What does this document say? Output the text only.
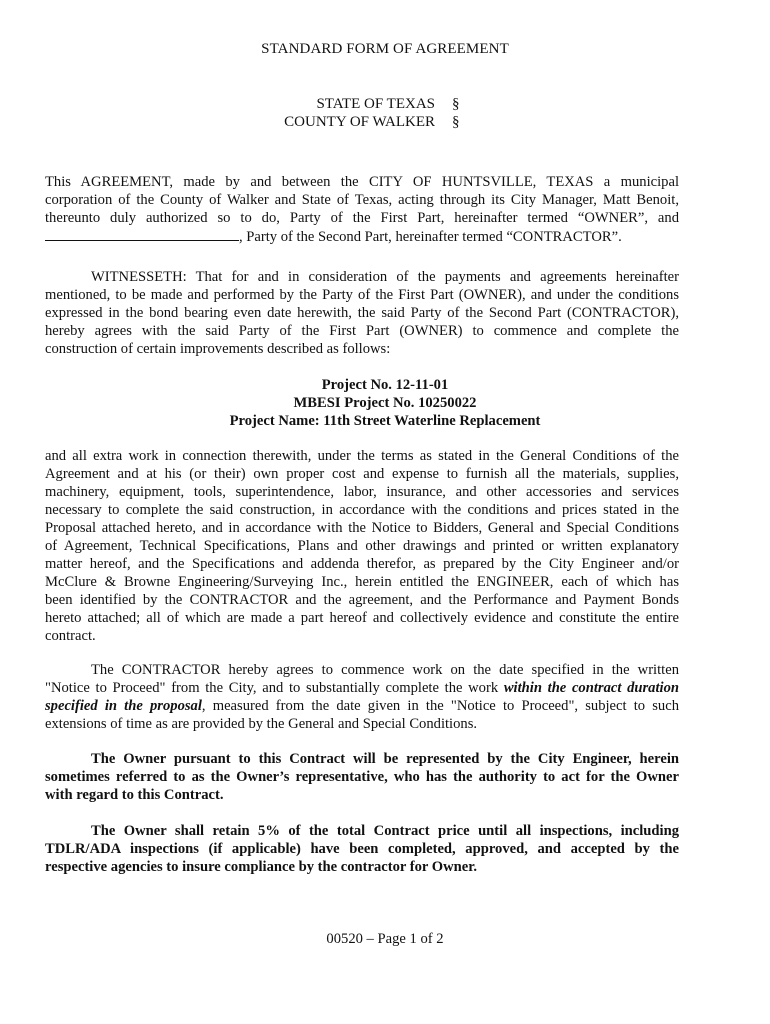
STANDARD FORM OF AGREEMENT
STATE OF TEXAS §
COUNTY OF WALKER §
This AGREEMENT, made by and between the CITY OF HUNTSVILLE, TEXAS a municipal
corporation of the County of Walker and State of Texas, acting through its City Manager, Matt Benoit,
thereunto duly authorized so to do, Party of the First Part, hereinafter termed “OWNER”, and
, Party of the Second Part, hereinafter termed “CONTRACTOR”.
WITNESSETH: That for and in consideration of the payments and agreements hereinafter
mentioned, to be made and performed by the Party of the First Part (OWNER), and under the conditions
expressed in the bond bearing even date herewith, the said Party of the Second Part (CONTRACTOR),
hereby agrees with the said Party of the First Part (OWNER) to commence and complete the
construction of certain improvements described as follows:
Project No. 12-11-01
MBESI Project No. 10250022
Project Name: 11th Street Waterline Replacement
and all extra work in connection therewith, under the terms as stated in the General Conditions of the
Agreement and at his (or their) own proper cost and expense to furnish all the materials, supplies,
machinery, equipment, tools, superintendence, labor, insurance, and other accessories and services
necessary to complete the said construction, in accordance with the conditions and prices stated in the
Proposal attached hereto, and in accordance with the Notice to Bidders, General and Special Conditions
of Agreement, Technical Specifications, Plans and other drawings and printed or written explanatory
matter hereof, and the Specifications and addenda therefor, as prepared by the City Engineer and/or
McClure & Browne Engineering/Surveying Inc., herein entitled the ENGINEER, each of which has
been identified by the CONTRACTOR and the agreement, and the Performance and Payment Bonds
hereto attached; all of which are made a part hereof and collectively evidence and constitute the entire
contract.
The CONTRACTOR hereby agrees to commence work on the date specified in the written
"Notice to Proceed" from the City, and to substantially complete the work within the contract duration
specified in the proposal, measured from the date given in the "Notice to Proceed", subject to such
extensions of time as are provided by the General and Special Conditions.
The Owner pursuant to this Contract will be represented by the City Engineer, herein
sometimes referred to as the Owner’s representative, who has the authority to act for the Owner
with regard to this Contract.
The Owner shall retain 5% of the total Contract price until all inspections, including
TDLR/ADA inspections (if applicable) have been completed, approved, and accepted by the
respective agencies to insure compliance by the contractor for Owner.
00520 – Page 1 of 2
